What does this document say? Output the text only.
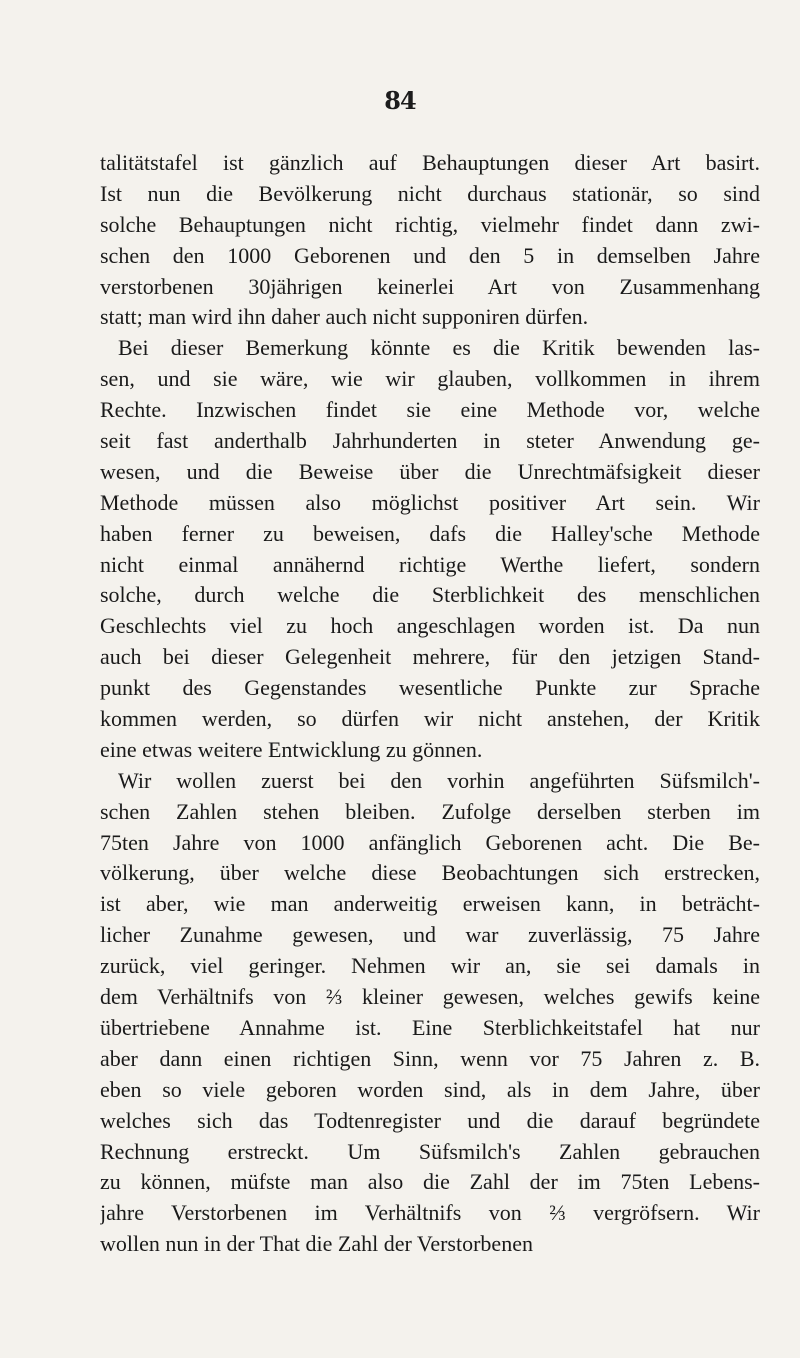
84
talitätstafel ist gänzlich auf Behauptungen dieser Art basirt.
Ist nun die Bevölkerung nicht durchaus stationär, so sind
solche Behauptungen nicht richtig, vielmehr findet dann zwi-
schen den 1000 Geborenen und den 5 in demselben Jahre
verstorbenen 30jährigen keinerlei Art von Zusammenhang
statt; man wird ihn daher auch nicht supponiren dürfen.
Bei dieser Bemerkung könnte es die Kritik bewenden las-
sen, und sie wäre, wie wir glauben, vollkommen in ihrem
Rechte. Inzwischen findet sie eine Methode vor, welche
seit fast anderthalb Jahrhunderten in steter Anwendung ge-
wesen, und die Beweise über die Unrechtmäfsigkeit dieser
Methode müssen also möglichst positiver Art sein. Wir
haben ferner zu beweisen, dafs die Halley'sche Methode
nicht einmal annähernd richtige Werthe liefert, sondern
solche, durch welche die Sterblichkeit des menschlichen
Geschlechts viel zu hoch angeschlagen worden ist. Da nun
auch bei dieser Gelegenheit mehrere, für den jetzigen Stand-
punkt des Gegenstandes wesentliche Punkte zur Sprache
kommen werden, so dürfen wir nicht anstehen, der Kritik
eine etwas weitere Entwicklung zu gönnen.
Wir wollen zuerst bei den vorhin angeführten Süfsmilch'-
schen Zahlen stehen bleiben. Zufolge derselben sterben im
75ten Jahre von 1000 anfänglich Geborenen acht. Die Be-
völkerung, über welche diese Beobachtungen sich erstrecken,
ist aber, wie man anderweitig erweisen kann, in beträcht-
licher Zunahme gewesen, und war zuverlässig, 75 Jahre
zurück, viel geringer. Nehmen wir an, sie sei damals in
dem Verhältnifs von ⅔ kleiner gewesen, welches gewifs keine
übertriebene Annahme ist. Eine Sterblichkeitstafel hat nur
aber dann einen richtigen Sinn, wenn vor 75 Jahren z. B.
eben so viele geboren worden sind, als in dem Jahre, über
welches sich das Todtenregister und die darauf begründete
Rechnung erstreckt. Um Süfsmilch's Zahlen gebrauchen
zu können, müfste man also die Zahl der im 75ten Lebens-
jahre Verstorbenen im Verhältnifs von ⅔ vergröfsern. Wir
wollen nun in der That die Zahl der Verstorbenen
